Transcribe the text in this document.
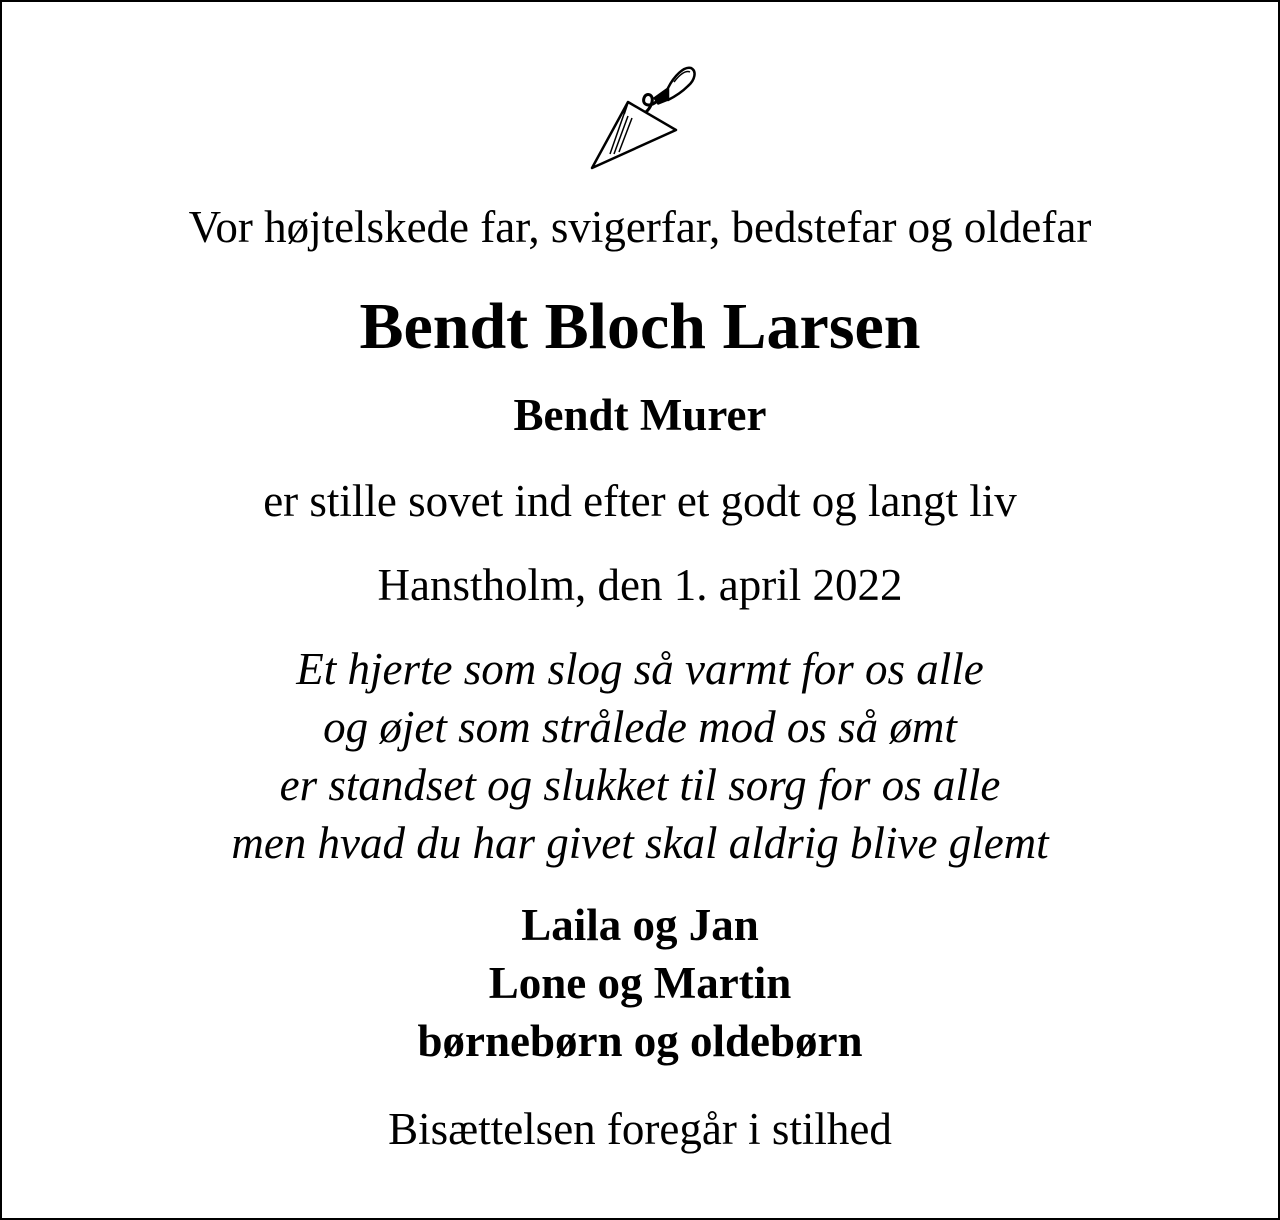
Vor højtelskede far, svigerfar, bedstefar og oldefar
Bendt Bloch Larsen
Bendt Murer
er stille sovet ind efter et godt og langt liv
Hanstholm, den 1. april 2022
Et hjerte som slog så varmt for os alle
og øjet som strålede mod os så ømt
er standset og slukket til sorg for os alle
men hvad du har givet skal aldrig blive glemt
Laila og Jan
Lone og Martin
børnebørn og oldebørn
Bisættelsen foregår i stilhed
